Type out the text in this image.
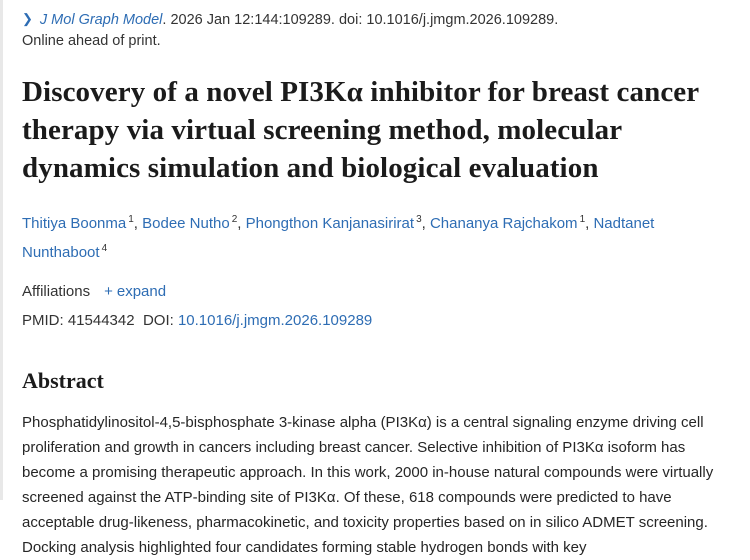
❯ J Mol Graph Model. 2026 Jan 12:144:109289. doi: 10.1016/j.jmgm.2026.109289.
Online ahead of print.
Discovery of a novel PI3Kα inhibitor for breast cancer therapy via virtual screening method, molecular dynamics simulation and biological evaluation
Thitiya Boonma $^1$, Bodee Nutho $^2$, Phongthon Kanjanasirirat $^3$, Chananya Rajchakom $^1$, Nadtanet Nunthaboot $^4$
Affiliations + expand
PMID: 41544342 DOI: 10.1016/j.jmgm.2026.109289
Abstract
Phosphatidylinositol-4,5-bisphosphate 3-kinase alpha (PI3Kα) is a central signaling enzyme driving cell proliferation and growth in cancers including breast cancer. Selective inhibition of PI3Kα isoform has become a promising therapeutic approach. In this work, 2000 in-house natural compounds were virtually screened against the ATP-binding site of PI3Kα. Of these, 618 compounds were predicted to have acceptable drug-likeness, pharmacokinetic, and toxicity properties based on in silico ADMET screening. Docking analysis highlighted four candidates forming stable hydrogen bonds with key
